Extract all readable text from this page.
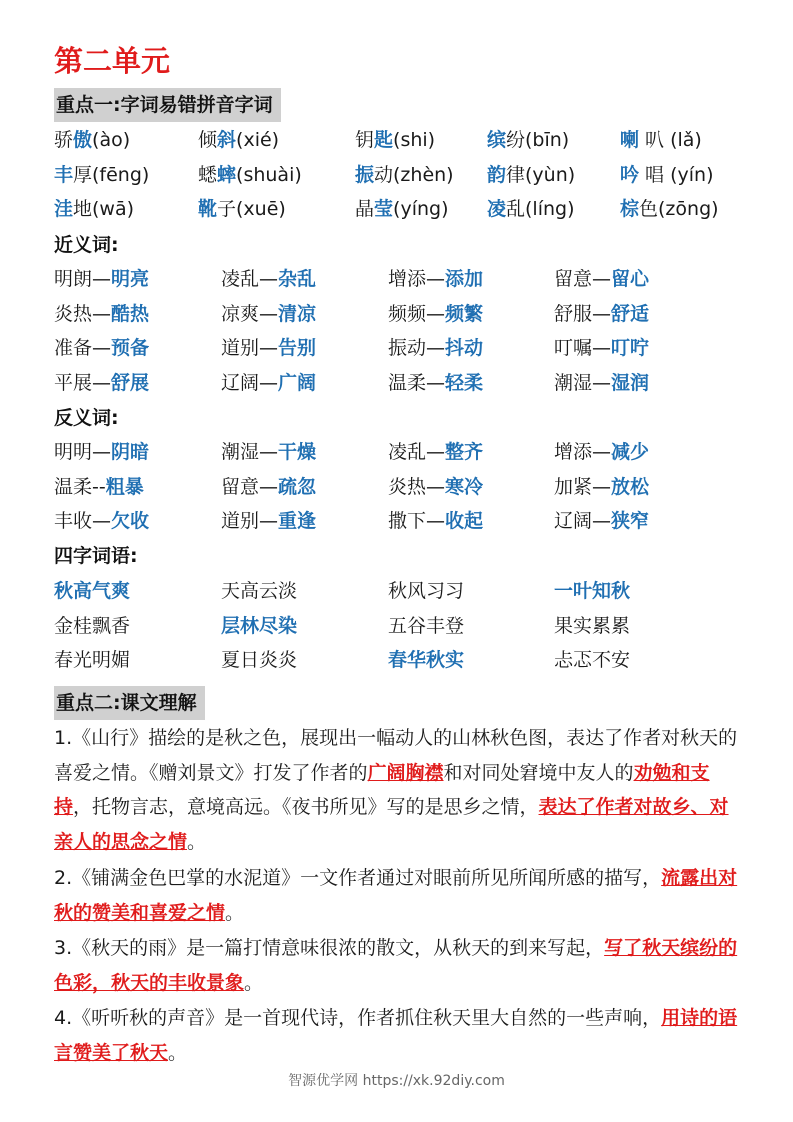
第二单元
重点一:字词易错拼音字词
骄傲(ào)	倾斜(xié)	钥匙(shi)	缤纷(bīn)	喇 叭 (lǎ)
丰厚(fēng)	蟋蟀(shuài)	振动(zhèn) 韵律(yùn) 吟 唱 (yín)
洼地(wā)	靴子(xuē)	晶莹(yíng) 凌乱(líng) 棕色(zōng)
近义词:
明朗—明亮	凌乱—杂乱	增添—添加	留意—留心
炎热—酷热	凉爽—清凉	频频—频繁	舒服—舒适
准备—预备	道别—告别	振动—抖动	叮嘱—叮咛
平展—舒展	辽阔—广阔	温柔—轻柔	潮湿—湿润
反义词:
明明—阴暗	潮湿—干燥	凌乱—整齐	增添—减少
温柔--粗暴	留意—疏忽	炎热—寒冷	加紧—放松
丰收—欠收	道别—重逢	撒下—收起	辽阔—狭窄
四字词语:
秋高气爽	天高云淡	秋风习习	一叶知秋
金桂飘香	层林尽染	五谷丰登	果实累累
春光明媚	夏日炎炎	春华秋实	忐忑不安
重点二:课文理解
1.《山行》描绘的是秋之色，展现出一幅动人的山林秋色图，表达了作者对秋天的喜爱之情。《赠刘景文》打发了作者的广阔胸襟和对同处窘境中友人的劝勉和支持，托物言志，意境高远。《夜书所见》写的是思乡之情，表达了作者对故乡、对亲人的思念之情。
2.《铺满金色巴掌的水泥道》一文作者通过对眼前所见所闻所感的描写，流露出对秋的赞美和喜爱之情。
3.《秋天的雨》是一篇打情意味很浓的散文，从秋天的到来写起，写了秋天缤纷的色彩，秋天的丰收景象。
4.《听听秋的声音》是一首现代诗，作者抓住秋天里大自然的一些声响，用诗的语言赞美了秋天。
智源优学网 https://xk.92diy.com
